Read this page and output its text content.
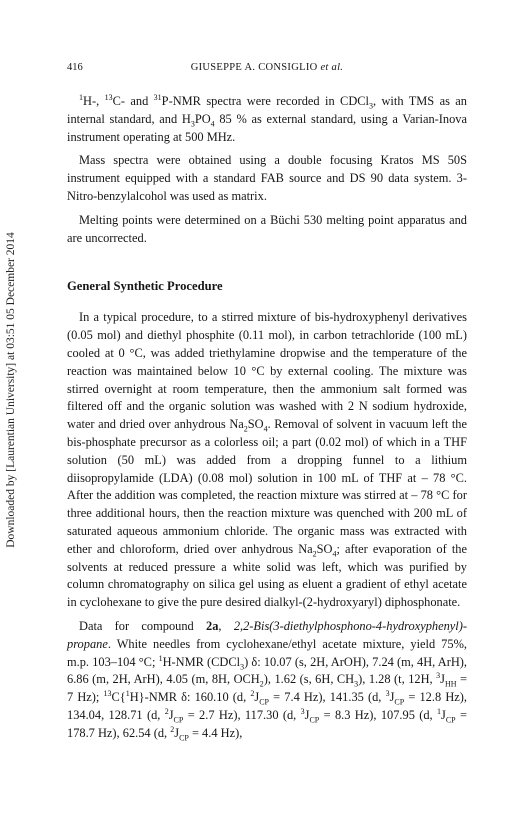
Downloaded by [Laurentian University] at 03:51 05 December 2014
416	GIUSEPPE A. CONSIGLIO et al.

$^1$H-, $^{13}$C- and $^{31}$P-NMR spectra were recorded in CDCl$_3$, with TMS as an internal standard, and $H_3PO_4$ 85 % as external standard, using a Varian-Inova instrument operating at 500 MHz.

Mass spectra were obtained using a double focusing Kratos MS 50S instrument equipped with a standard FAB source and DS 90 data system. 3-Nitro-benzylalcohol was used as matrix.

Melting points were determined on a Büchi 530 melting point apparatus and are uncorrected.

General Synthetic Procedure

In a typical procedure, to a stirred mixture of bis-hydroxyphenyl derivatives (0.05 mol) and diethyl phosphite (0.11 mol), in carbon tetrachloride (100 mL) cooled at 0 °C, was added triethylamine dropwise and the temperature of the reaction was maintained below 10 °C by external cooling. The mixture was stirred overnight at room temperature, then the ammonium salt formed was filtered off and the organic solution was washed with 2 N sodium hydroxide, water and dried over anhydrous $Na_2SO_4$. Removal of solvent in vacuum left the bis-phosphate precursor as a colorless oil; a part (0.02 mol) of which in a THF solution (50 mL) was added from a dropping funnel to a lithium diisopropylamide (LDA) (0.08 mol) solution in 100 mL of THF at – 78 °C. After the addition was completed, the reaction mixture was stirred at – 78 °C for three additional hours, then the reaction mixture was quenched with 200 mL of saturated aqueous ammonium chloride. The organic mass was extracted with ether and chloroform, dried over anhydrous $Na_2SO_4$; after evaporation of the solvents at reduced pressure a white solid was left, which was purified by column chromatography on silica gel using as eluent a gradient of ethyl acetate in cyclohexane to give the pure desired dialkyl-(2-hydroxyaryl) diphosphonate.

Data for compound 2a, 2,2-Bis(3-diethylphosphono-4-hydroxyphenyl)-propane. White needles from cyclohexane/ethyl acetate mixture, yield 75%, m.p. 103–104 °C; $^1$H-NMR (CDCl$_3$) δ: 10.07 (s, 2H, ArOH), 7.24 (m, 4H, ArH), 6.86 (m, 2H, ArH), 4.05 (m, 8H, $OCH_2$), 1.62 (s, 6H, $CH_3$), 1.28 (t, 12H, $^3J_{HH} = 7$ Hz); $^{13}$C{$^1$H}-NMR δ: 160.10 (d, $^2J_{CP} = 7.4$ Hz), 141.35 (d, $^3J_{CP} = 12.8$ Hz), 134.04, 128.71 (d, $^2J_{CP} = 2.7$ Hz), 117.30 (d, $^3J_{CP} = 8.3$ Hz), 107.95 (d, $^1J_{CP} = 178.7$ Hz), 62.54 (d, $^2J_{CP} = 4.4$ Hz),
